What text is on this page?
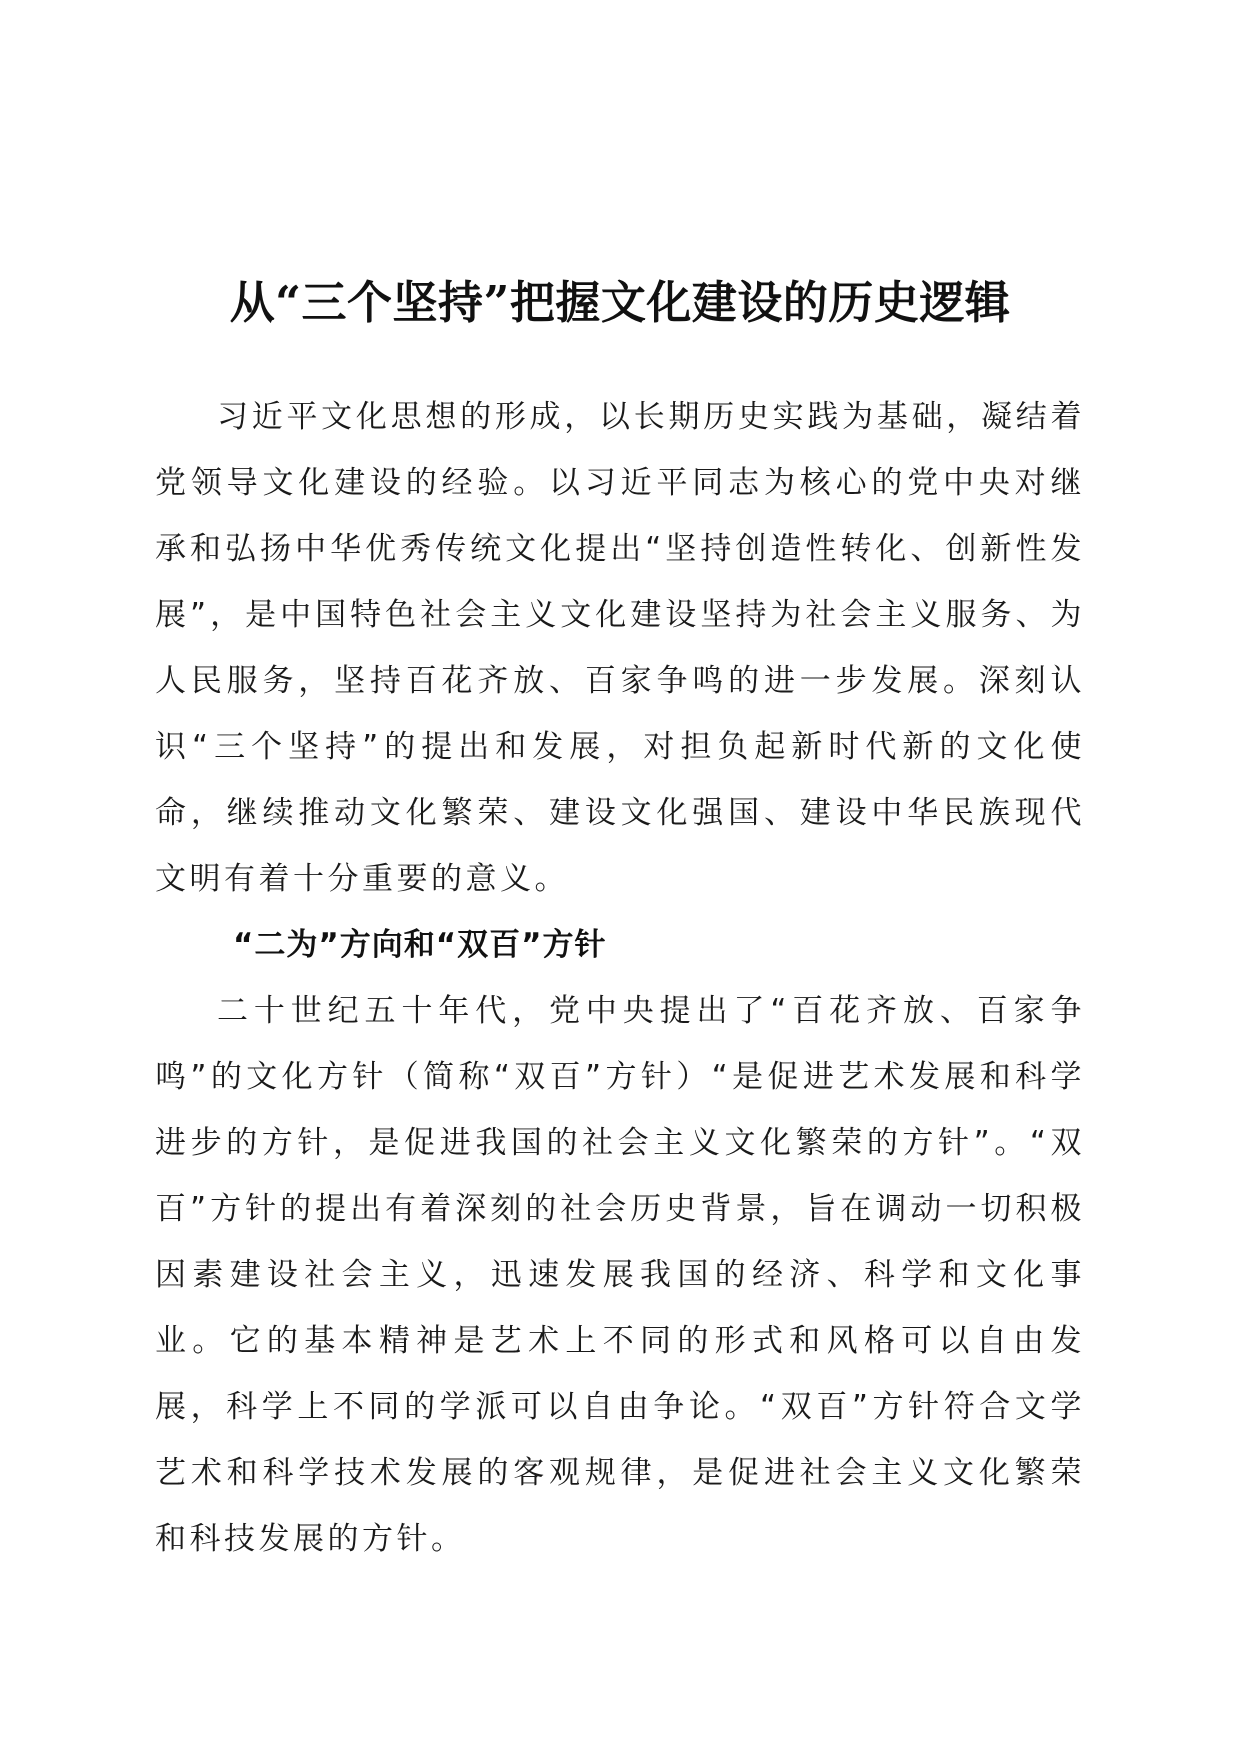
从“三个坚持”把握文化建设的历史逻辑

习近平文化思想的形成，以长期历史实践为基础，凝结着党领导文化建设的经验。以习近平同志为核心的党中央对继承和弘扬中华优秀传统文化提出“坚持创造性转化、创新性发展”，是中国特色社会主义文化建设坚持为社会主义服务、为人民服务，坚持百花齐放、百家争鸣的进一步发展。深刻认识“三个坚持”的提出和发展，对担负起新时代新的文化使命，继续推动文化繁荣、建设文化强国、建设中华民族现代文明有着十分重要的意义。

“二为”方向和“双百”方针

二十世纪五十年代，党中央提出了“百花齐放、百家争鸣”的文化方针（简称“双百”方针）“是促进艺术发展和科学进步的方针，是促进我国的社会主义文化繁荣的方针”。“双百”方针的提出有着深刻的社会历史背景，旨在调动一切积极因素建设社会主义，迅速发展我国的经济、科学和文化事业。它的基本精神是艺术上不同的形式和风格可以自由发展，科学上不同的学派可以自由争论。“双百”方针符合文学艺术和科学技术发展的客观规律，是促进社会主义文化繁荣和科技发展的方针。
